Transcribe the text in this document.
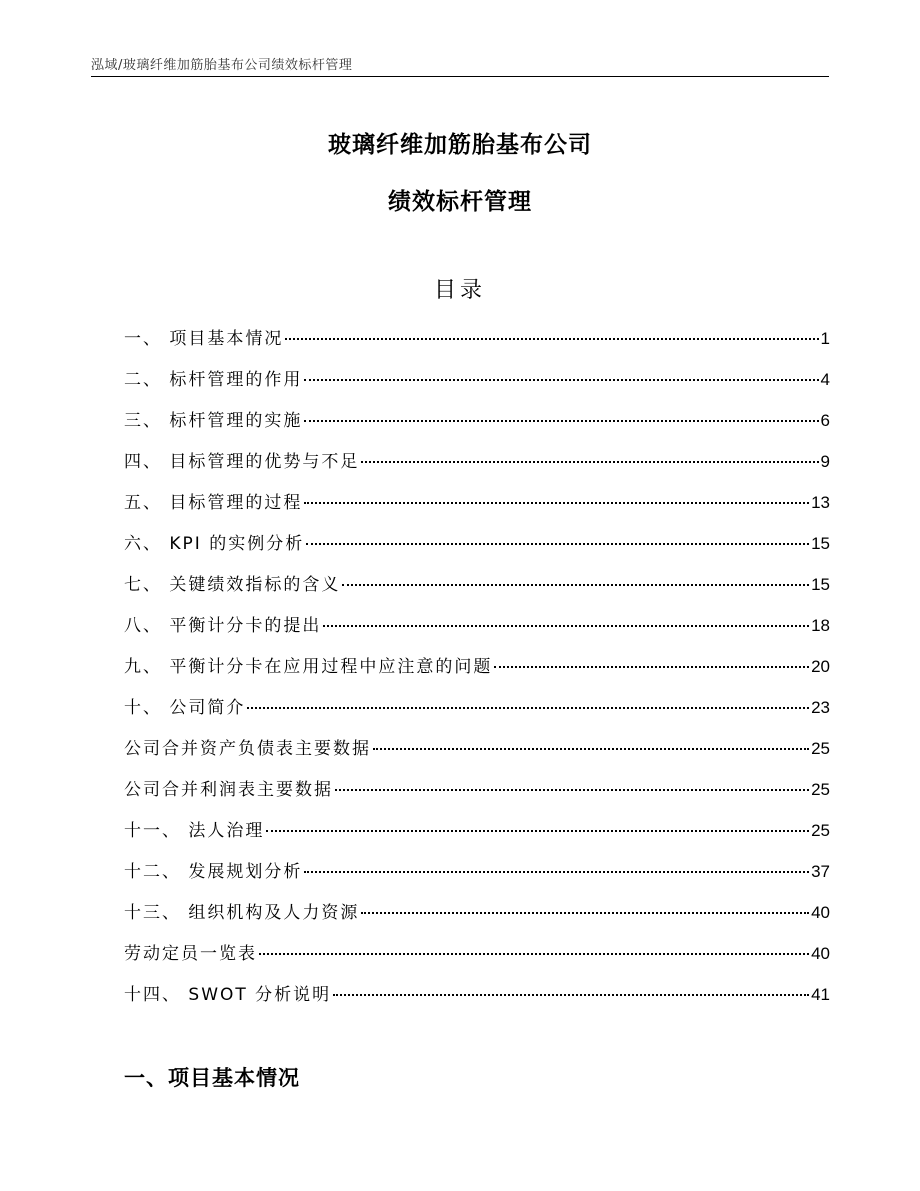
泓域/玻璃纤维加筋胎基布公司绩效标杆管理
玻璃纤维加筋胎基布公司
绩效标杆管理
目录
一、 项目基本情况	1
二、 标杆管理的作用	4
三、 标杆管理的实施	6
四、 目标管理的优势与不足	9
五、 目标管理的过程	13
六、 KPI 的实例分析	15
七、 关键绩效指标的含义	15
八、 平衡计分卡的提出	18
九、 平衡计分卡在应用过程中应注意的问题	20
十、 公司简介	23
公司合并资产负债表主要数据	25
公司合并利润表主要数据	25
十一、 法人治理	25
十二、 发展规划分析	37
十三、 组织机构及人力资源	40
劳动定员一览表	40
十四、 SWOT 分析说明	41
一、项目基本情况
